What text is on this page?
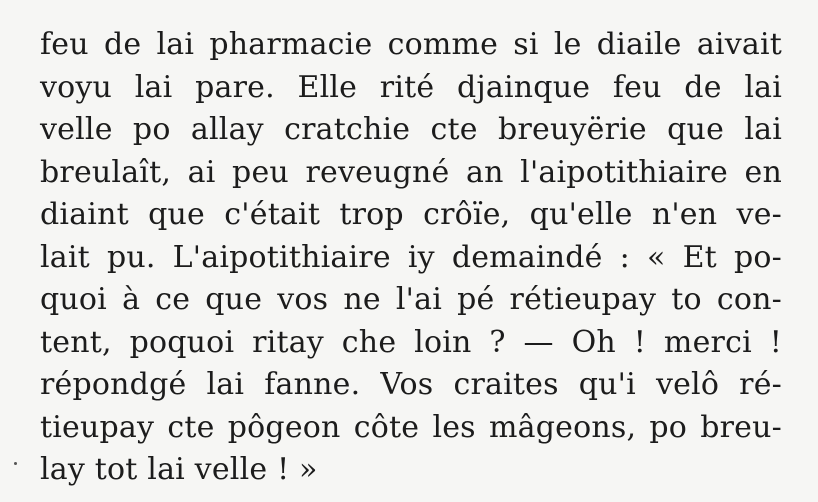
feu de lai pharmacie comme si le diaile aivait
voyu lai pare. Elle rité djainque feu de lai
velle po allay cratchie cte breuyërie que lai
breulaît, ai peu reveugné an l'aipotithiaire en
diaint que c'était trop crôïe, qu'elle n'en ve-
lait pu. L'aipotithiaire iy demaindé : « Et po-
quoi à ce que vos ne l'ai pé rétieupay to con-
tent, poquoi ritay che loin ? — Oh ! merci !
répondgé lai fanne. Vos craites qu'i velô ré-
tieupay cte pôgeon côte les mâgeons, po breu-
lay tot lai velle ! »
